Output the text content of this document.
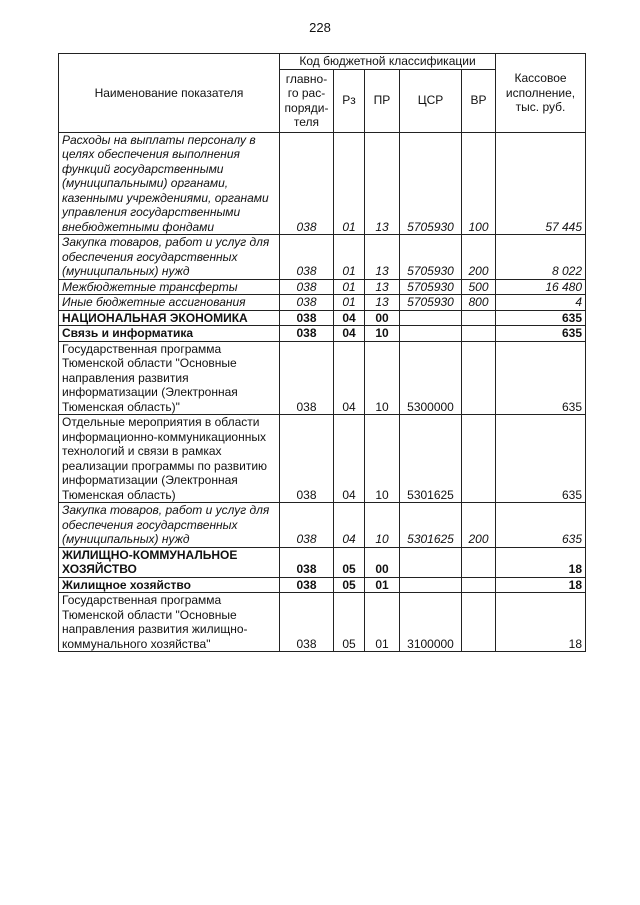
228
Наименование показателя	Код бюджетной классификации					Кассовое исполнение, тыс. руб.
	главно-го рас-поряди-теля	Рз	ПР	ЦСР	ВР	
Расходы на выплаты персоналу в целях обеспечения выполнения функций государственными (муниципальными) органами, казенными учреждениями, органами управления государственными внебюджетными фондами	038	01	13	5705930	100	57 445
Закупка товаров, работ и услуг для обеспечения государственных (муниципальных) нужд	038	01	13	5705930	200	8 022
Межбюджетные трансферты	038	01	13	5705930	500	16 480
Иные бюджетные ассигнования	038	01	13	5705930	800	4
НАЦИОНАЛЬНАЯ ЭКОНОМИКА	038	04	00			635
Связь и информатика	038	04	10			635
Государственная программа Тюменской области "Основные направления развития информатизации (Электронная Тюменская область)"	038	04	10	5300000		635
Отдельные мероприятия в области информационно-коммуникационных технологий и связи в рамках реализации программы по развитию информатизации (Электронная Тюменская область)	038	04	10	5301625		635
Закупка товаров, работ и услуг для обеспечения государственных (муниципальных) нужд	038	04	10	5301625	200	635
ЖИЛИЩНО-КОММУНАЛЬНОЕ ХОЗЯЙСТВО	038	05	00			18
Жилищное хозяйство	038	05	01			18
Государственная программа Тюменской области "Основные направления развития жилищно-коммунального хозяйства"	038	05	01	3100000		18
